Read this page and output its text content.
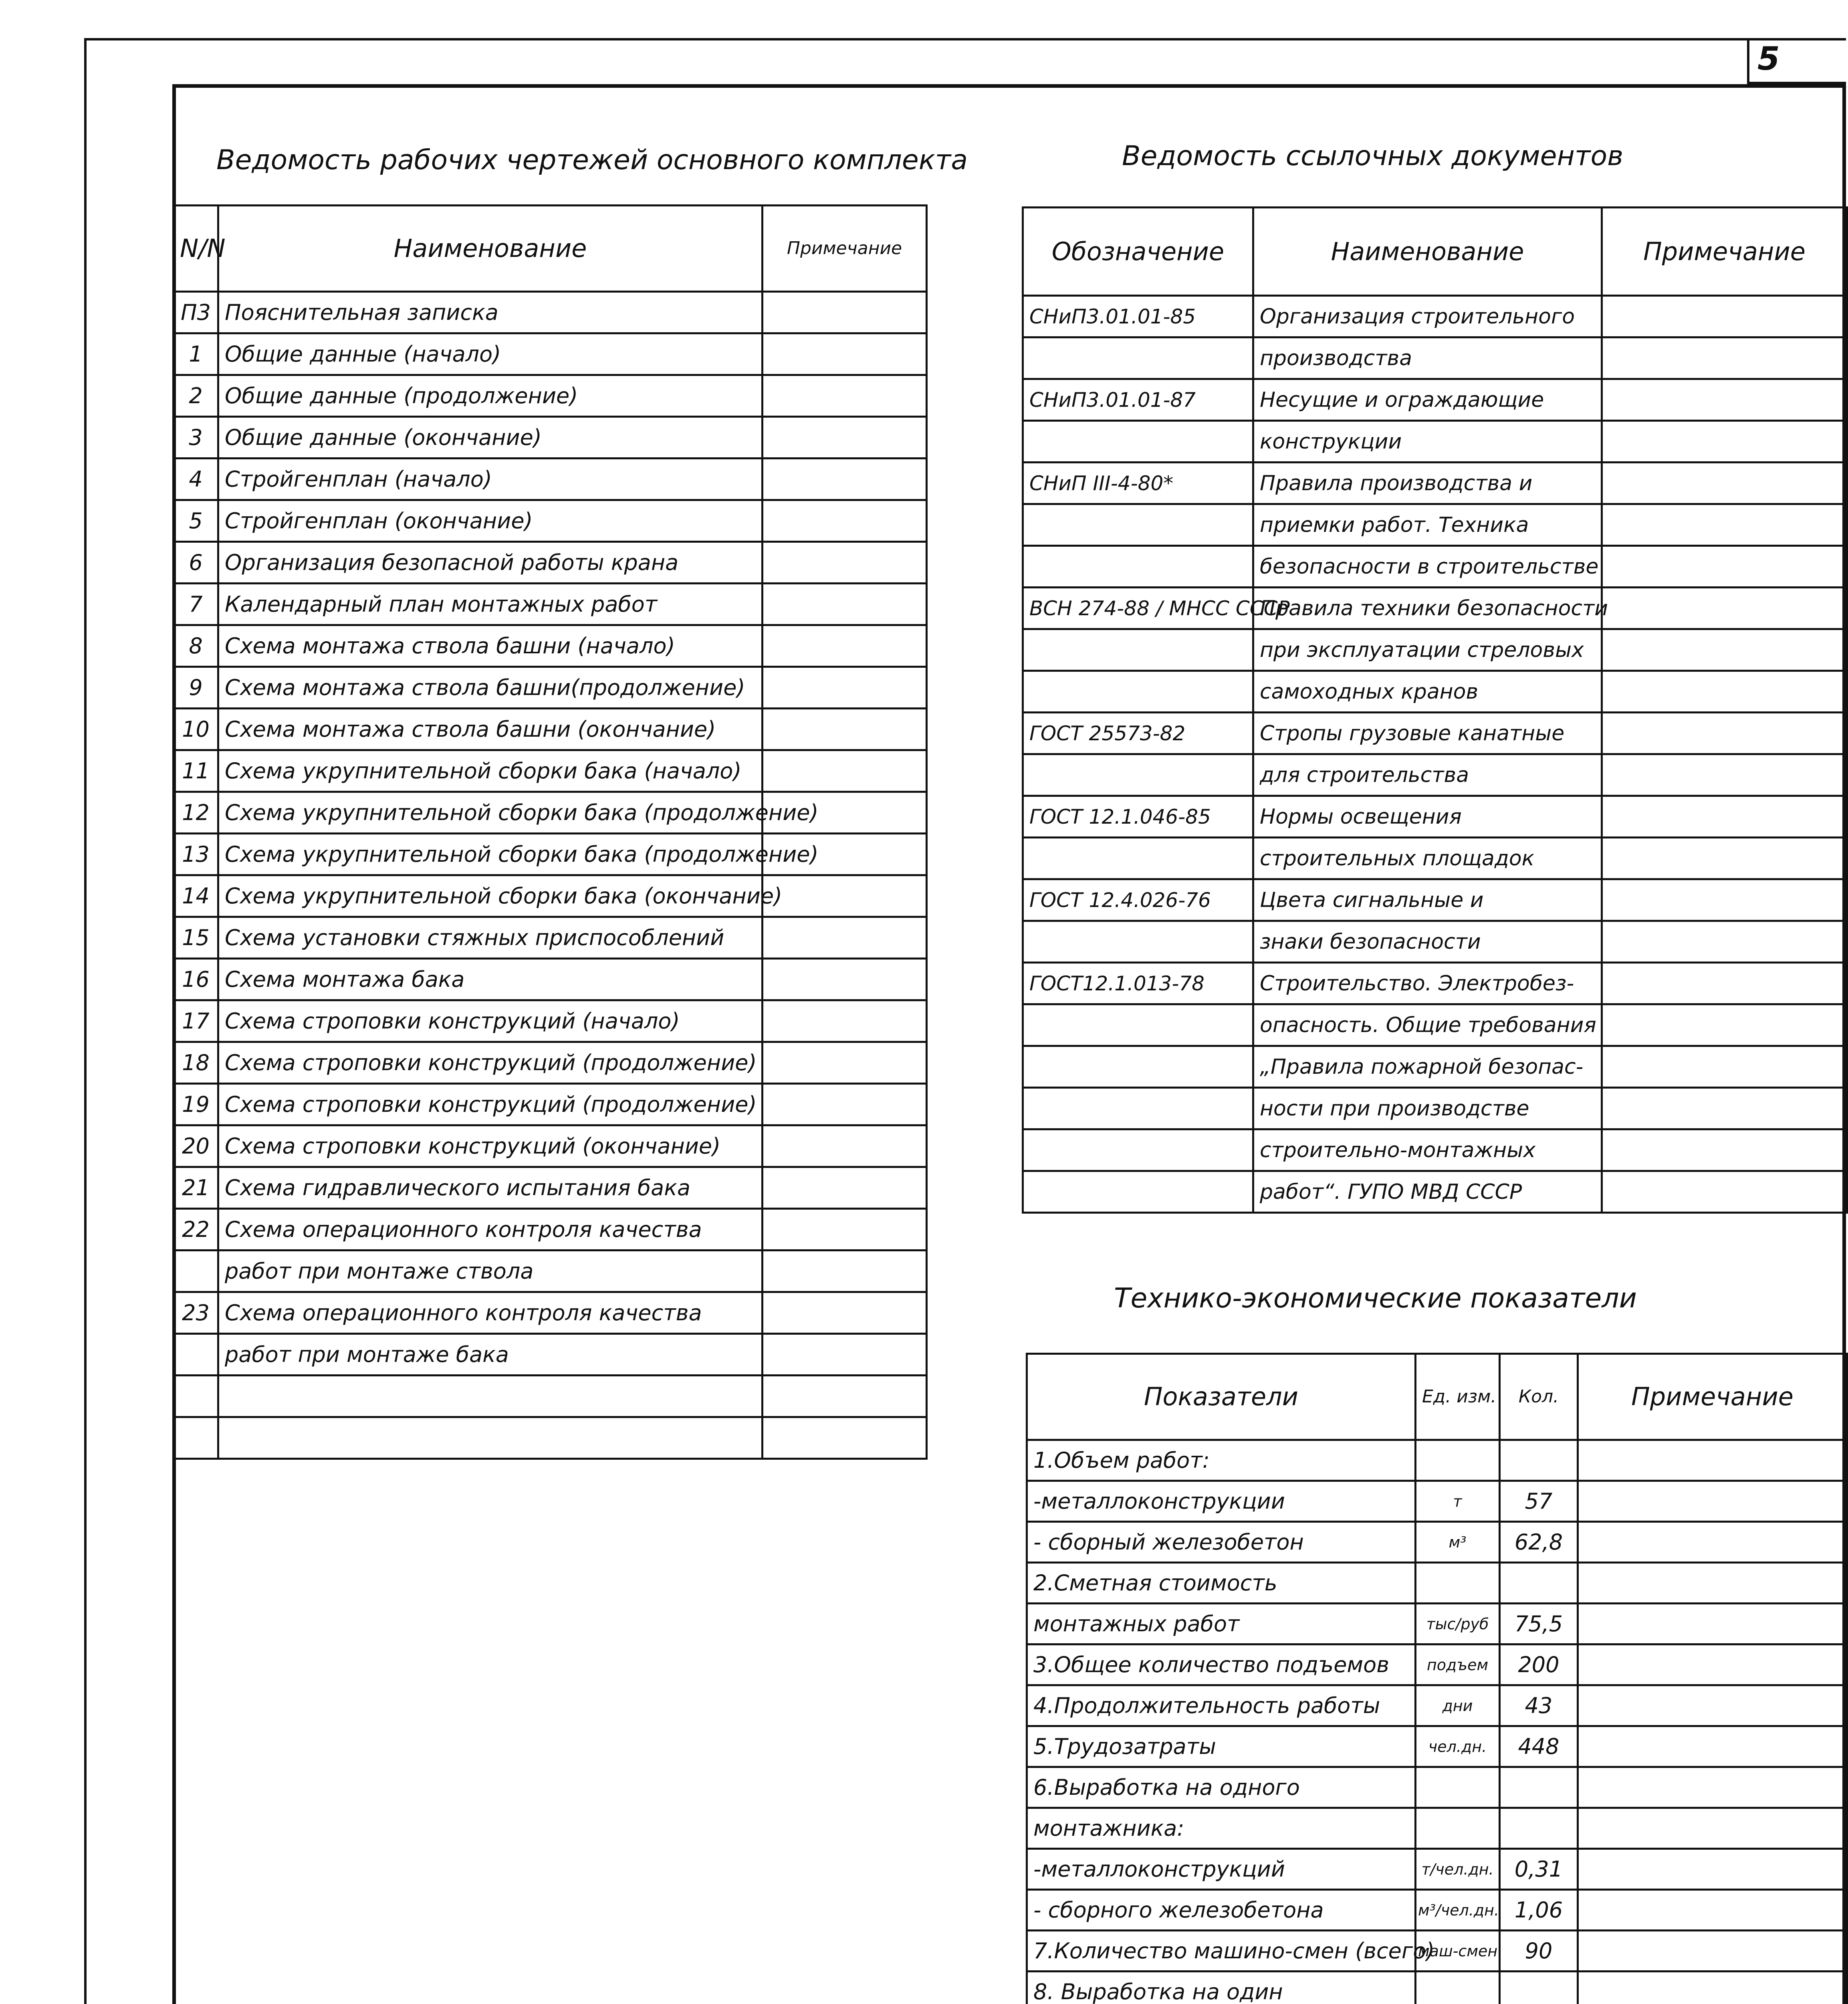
5
Ведомость рабочих чертежей основного комплекта
N/N	Наименование	Примечание
П3	Пояснительная записка	
1	Общие данные (начало)	
2	Общие данные (продолжение)	
3	Общие данные (окончание)	
4	Стройгенплан (начало)	
5	Стройгенплан (окончание)	
6	Организация безопасной работы крана	
7	Календарный план монтажных работ	
8	Схема монтажа ствола башни (начало)	
9	Схема монтажа ствола башни(продолжение)	
10	Схема монтажа ствола башни (окончание)	
11	Схема укрупнительной сборки бака (начало)	
12	Схема укрупнительной сборки бака (продолжение)	
13	Схема укрупнительной сборки бака (продолжение)	
14	Схема укрупнительной сборки бака (окончание)	
15	Схема установки стяжных приспособлений	
16	Схема монтажа бака	
17	Схема строповки конструкций (начало)	
18	Схема строповки конструкций (продолжение)	
19	Схема строповки конструкций (продолжение)	
20	Схема строповки конструкций (окончание)	
21	Схема гидравлического испытания бака	
22	Схема операционного контроля качества	
	работ при монтаже ствола	
23	Схема операционного контроля качества	
	работ при монтаже бака	

Ведомость ссылочных документов
Обозначение	Наименование	Примечание
СНиП3.01.01-85	Организация строительного	
	производства	
СНиП3.01.01-87	Несущие и ограждающие	
	конструкции	
СНиП III-4-80*	Правила производства и	
	приемки работ. Техника	
	безопасности в строительстве	
ВСН 274-88 / МНСС СССР	Правила техники безопасности	
	при эксплуатации стреловых	
	самоходных кранов	
ГОСТ 25573-82	Стропы грузовые канатные	
	для строительства	
ГОСТ 12.1.046-85	Нормы освещения	
	строительных площадок	
ГОСТ 12.4.026-76	Цвета сигнальные и	
	знаки безопасности	
ГОСТ12.1.013-78	Строительство. Электробез-	
	опасность. Общие требования	
	„Правила пожарной безопас-	
	ности при производстве	
	строительно-монтажных	
	работ“. ГУПО МВД СССР	
Технико-экономические показатели
Показатели	Ед. изм.	Кол.	Примечание
1.Объем работ:			
-металлоконструкции	т	57	
- сборный железобетон	м³	62,8	
2.Сметная стоимость			
монтажных работ	тыс/руб	75,5	
3.Общее количество подъемов	подъем	200	
4.Продолжительность работы	дни	43	
5.Трудозатраты	чел.дн.	448	
6.Выработка на одного			
монтажника:			
-металлоконструкций	т/чел.дн.	0,31	
- сборного железобетона	м³/чел.дн.	1,06	
7.Количество машино-смен (всего)	маш-смен	90	
8. Выработка на один			
